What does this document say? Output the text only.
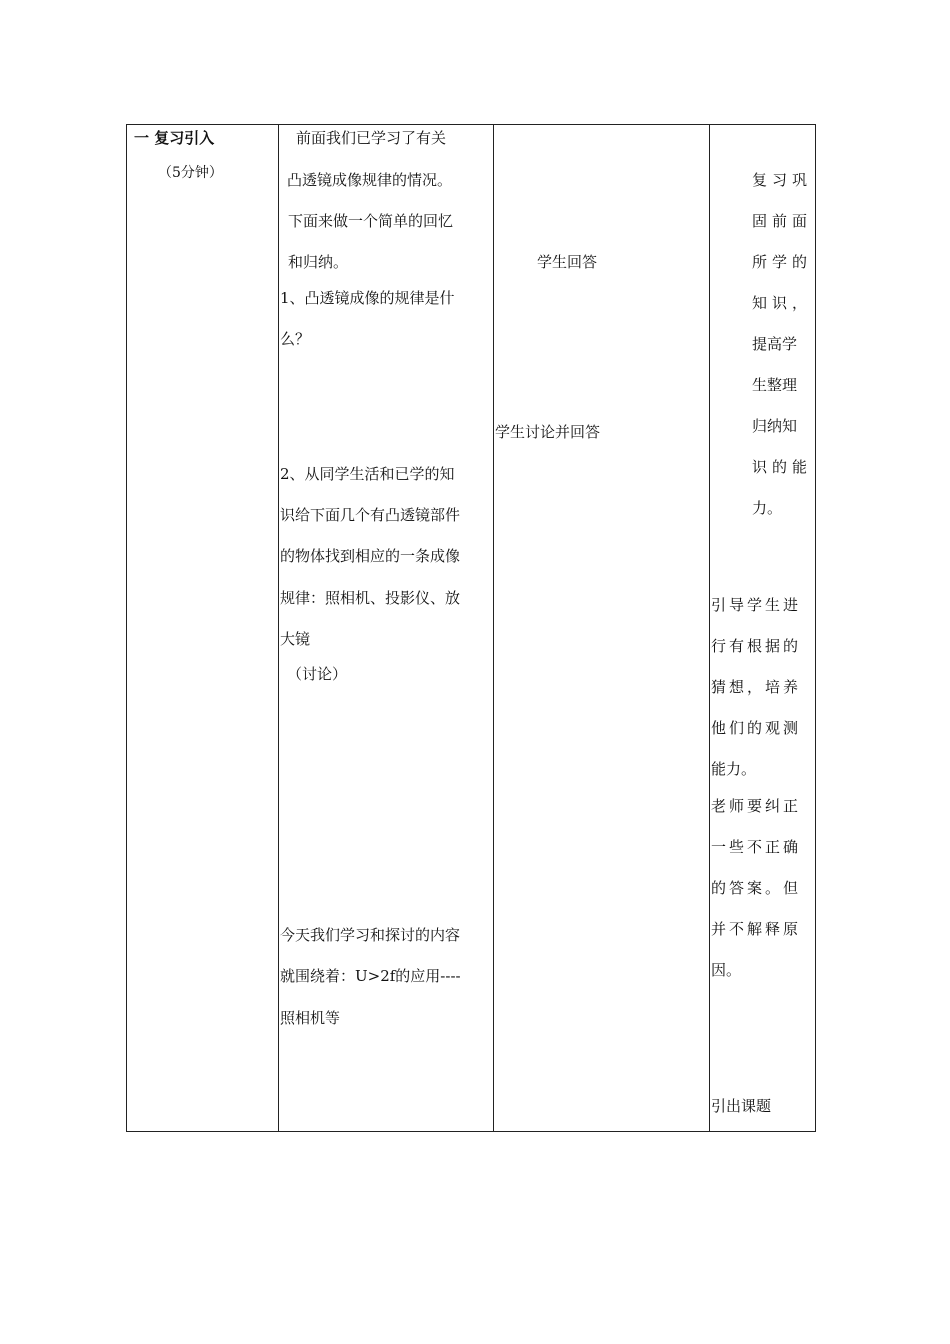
一 复习引入
（5分钟）
前面我们已学习了有关
凸透镜成像规律的情况。
下面来做一个简单的回忆
和归纳。
1、凸透镜成像的规律是什
么？
2、从同学生活和已学的知
识给下面几个有凸透镜部件
的物体找到相应的一条成像
规律：照相机、投影仪、放
大镜
（讨论）
今天我们学习和探讨的内容
就围绕着：U>2f的应用----
照相机等
学生回答
学生讨论并回答
复习巩
固前面
所学的
知识，
提高学
生整理
归纳知
识的能
力。
引导学生进
行有根据的
猜想，培养
他们的观测
能力。
老师要纠正
一些不正确
的答案。但
并不解释原
因。
引出课题
